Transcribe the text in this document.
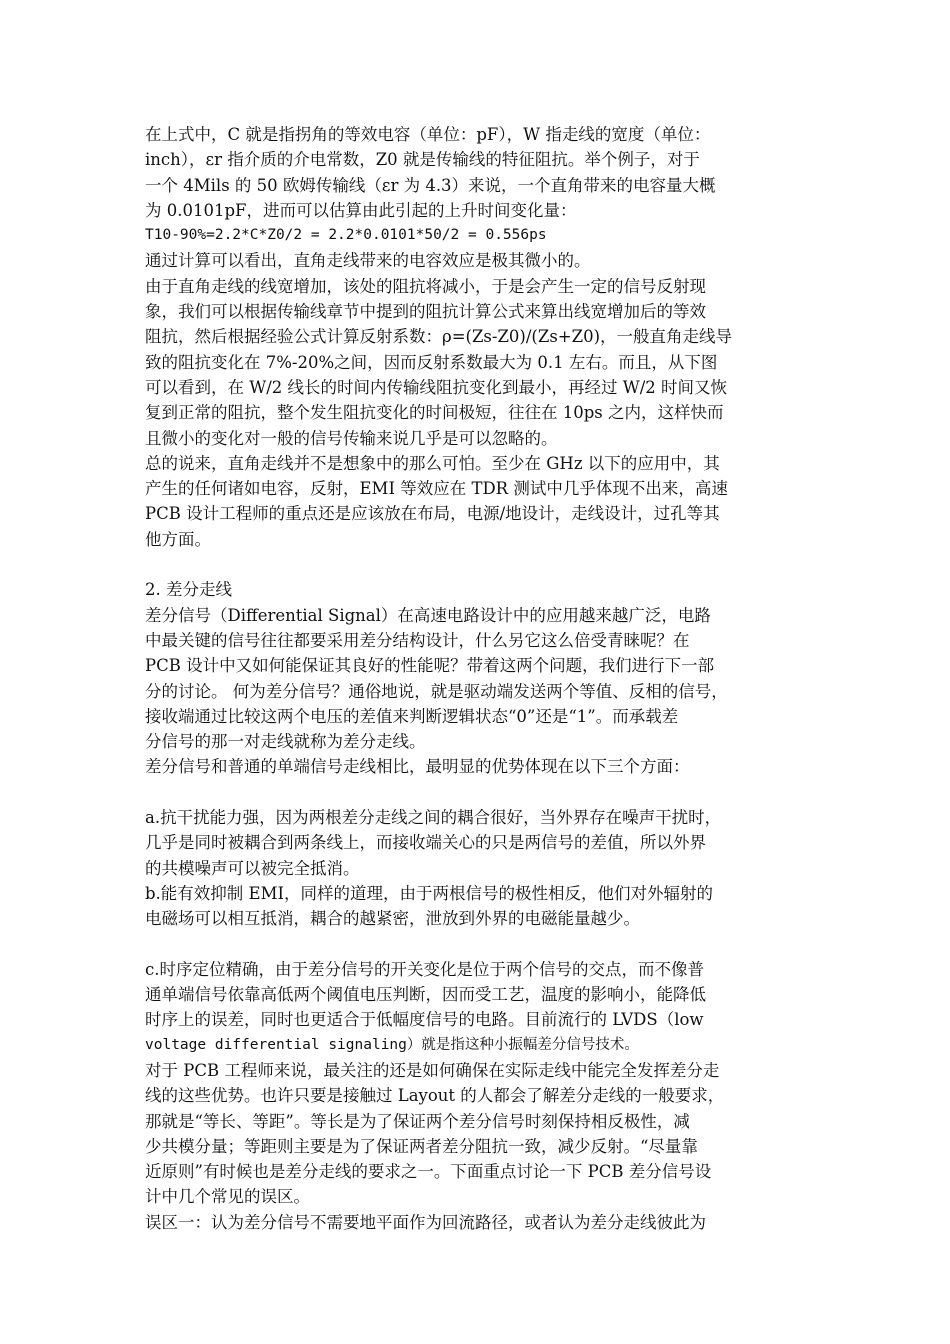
在上式中，C 就是指拐角的等效电容（单位：pF），W 指走线的宽度（单位：
inch），εr 指介质的介电常数，Z0 就是传输线的特征阻抗。举个例子，对于
一个 4Mils 的 50 欧姆传输线（εr 为 4.3）来说，一个直角带来的电容量大概
为 0.0101pF，进而可以估算由此引起的上升时间变化量：
T10-90%=2.2*C*Z0/2 = 2.2*0.0101*50/2 = 0.556ps
通过计算可以看出，直角走线带来的电容效应是极其微小的。
由于直角走线的线宽增加，该处的阻抗将减小，于是会产生一定的信号反射现
象，我们可以根据传输线章节中提到的阻抗计算公式来算出线宽增加后的等效
阻抗，然后根据经验公式计算反射系数：ρ=(Zs-Z0)/(Zs+Z0)，一般直角走线导
致的阻抗变化在 7%-20%之间，因而反射系数最大为 0.1 左右。而且，从下图
可以看到，在 W/2 线长的时间内传输线阻抗变化到最小，再经过 W/2 时间又恢
复到正常的阻抗，整个发生阻抗变化的时间极短，往往在 10ps 之内，这样快而
且微小的变化对一般的信号传输来说几乎是可以忽略的。
总的说来，直角走线并不是想象中的那么可怕。至少在 GHz 以下的应用中，其
产生的任何诸如电容，反射，EMI 等效应在 TDR 测试中几乎体现不出来，高速
PCB 设计工程师的重点还是应该放在布局，电源/地设计，走线设计，过孔等其
他方面。
2. 差分走线
差分信号（Differential Signal）在高速电路设计中的应用越来越广泛，电路
中最关键的信号往往都要采用差分结构设计，什么另它这么倍受青睐呢？在
PCB 设计中又如何能保证其良好的性能呢？带着这两个问题，我们进行下一部
分的讨论。 何为差分信号？通俗地说，就是驱动端发送两个等值、反相的信号，
接收端通过比较这两个电压的差值来判断逻辑状态“0”还是“1”。而承载差
分信号的那一对走线就称为差分走线。
差分信号和普通的单端信号走线相比，最明显的优势体现在以下三个方面：
a.抗干扰能力强，因为两根差分走线之间的耦合很好，当外界存在噪声干扰时，
几乎是同时被耦合到两条线上，而接收端关心的只是两信号的差值，所以外界
的共模噪声可以被完全抵消。
b.能有效抑制 EMI，同样的道理，由于两根信号的极性相反，他们对外辐射的
电磁场可以相互抵消，耦合的越紧密，泄放到外界的电磁能量越少。
c.时序定位精确，由于差分信号的开关变化是位于两个信号的交点，而不像普
通单端信号依靠高低两个阈值电压判断，因而受工艺，温度的影响小，能降低
时序上的误差，同时也更适合于低幅度信号的电路。目前流行的 LVDS（low
voltage differential signaling）就是指这种小振幅差分信号技术。
对于 PCB 工程师来说，最关注的还是如何确保在实际走线中能完全发挥差分走
线的这些优势。也许只要是接触过 Layout 的人都会了解差分走线的一般要求，
那就是“等长、等距”。等长是为了保证两个差分信号时刻保持相反极性，减
少共模分量；等距则主要是为了保证两者差分阻抗一致，减少反射。“尽量靠
近原则”有时候也是差分走线的要求之一。下面重点讨论一下 PCB 差分信号设
计中几个常见的误区。
误区一：认为差分信号不需要地平面作为回流路径，或者认为差分走线彼此为
